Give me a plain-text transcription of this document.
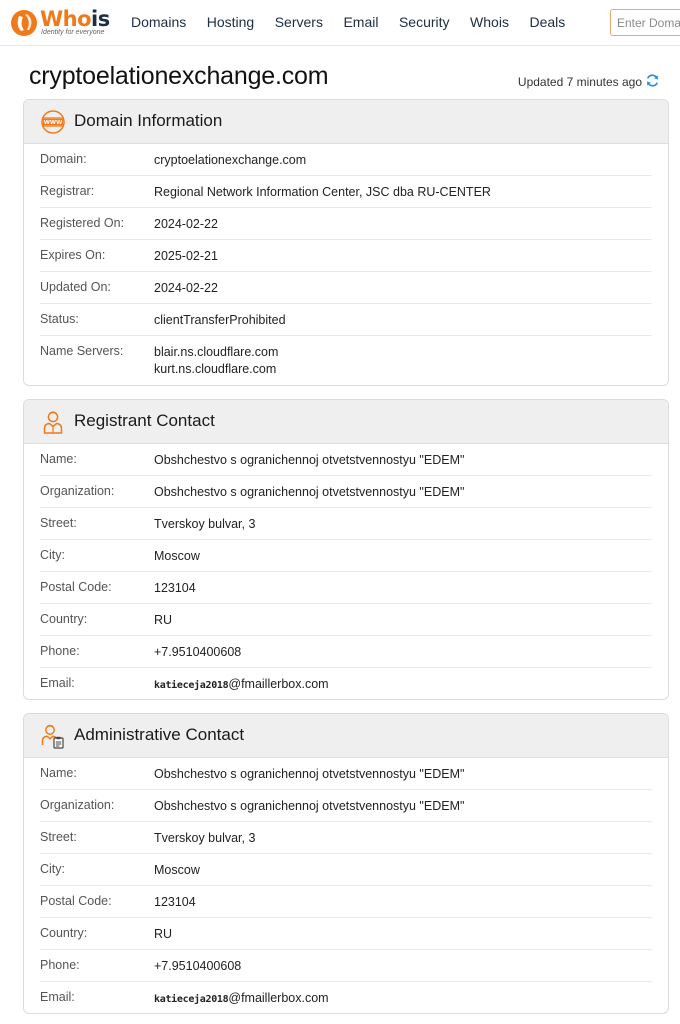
Whois
Identity for everyone
Domains Hosting Servers Email Security Whois Deals
Enter Domain
cryptoelationexchange.com	Updated 7 minutes ago
WWW Domain Information
Domain:	cryptoelationexchange.com
Registrar:	Regional Network Information Center, JSC dba RU-CENTER
Registered On: 2024-02-22
Expires On:	2025-02-21
Updated On:	2024-02-22
Status:	clientTransferProhibited
Name Servers: blair.ns.cloudflare.com
kurt.ns.cloudflare.com
Registrant Contact
Name:	Obshchestvo s ogranichennoj otvetstvennostyu "EDEM"
Organization:	Obshchestvo s ogranichennoj otvetstvennostyu "EDEM"
Street:	Tverskoy bulvar, 3
City:	Moscow
Postal Code:	123104
Country:	RU
Phone:	+7.9510400608
Email:	katieceja2018@fmaillerbox.com
Administrative Contact
Name:	Obshchestvo s ogranichennoj otvetstvennostyu "EDEM"
Organization:	Obshchestvo s ogranichennoj otvetstvennostyu "EDEM"
Street:	Tverskoy bulvar, 3
City:	Moscow
Postal Code:	123104
Country:	RU
Phone:	+7.9510400608
Email:	katieceja2018@fmaillerbox.com
